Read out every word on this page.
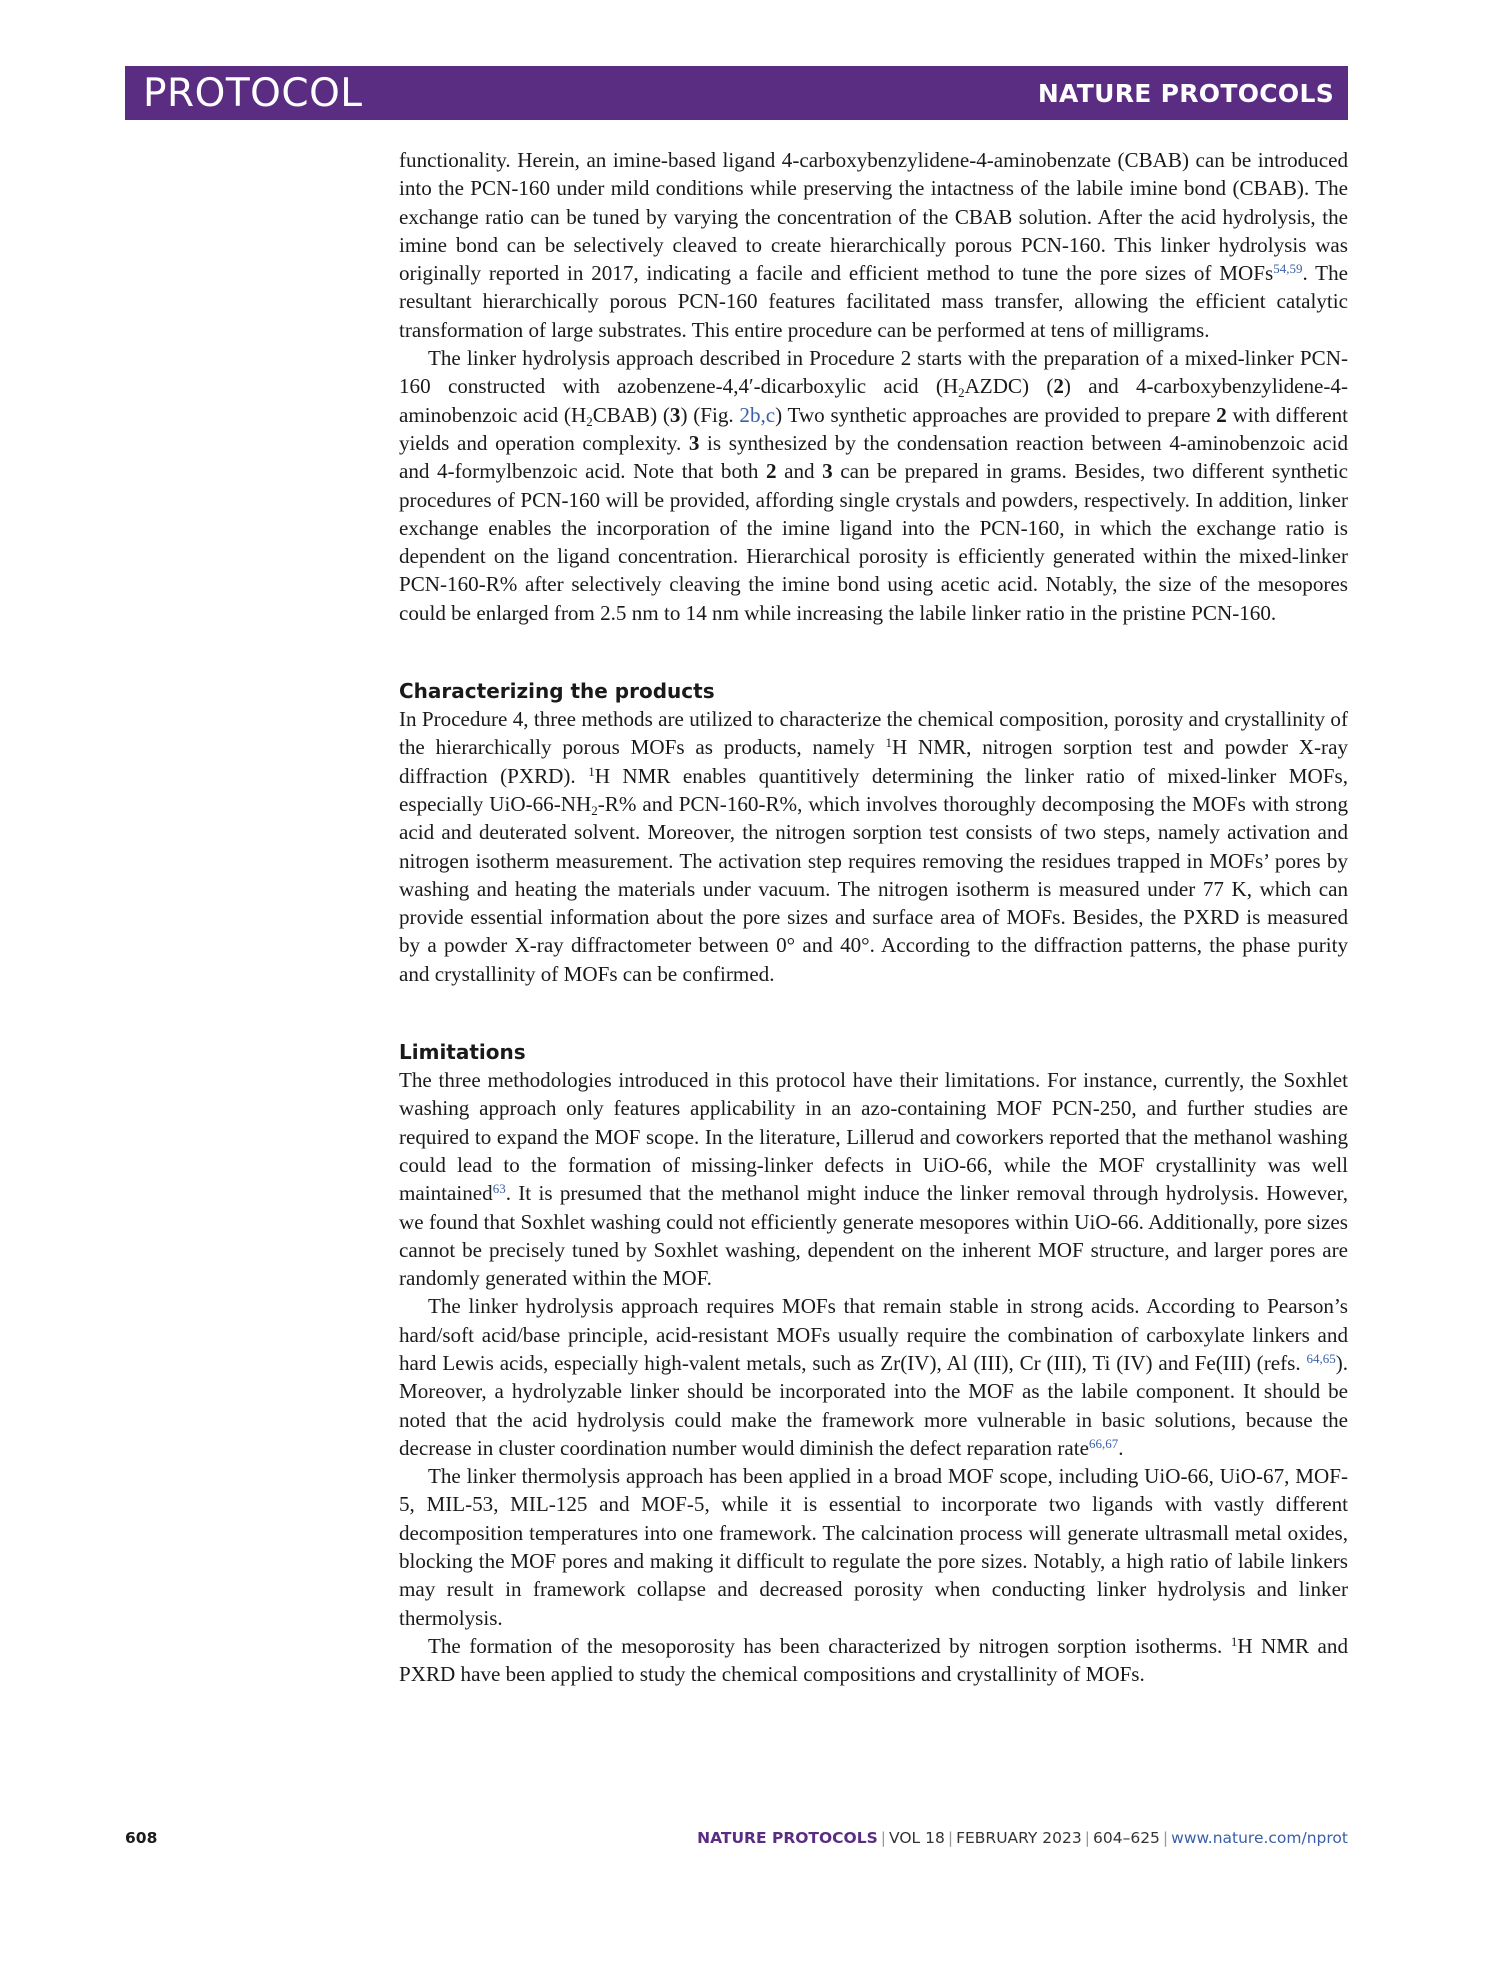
PROTOCOL	NATURE PROTOCOLS

functionality. Herein, an imine-based ligand 4-carboxybenzylidene-4-aminobenzate (CBAB) can be introduced into the PCN-160 under mild conditions while preserving the intactness of the labile imine bond (CBAB). The exchange ratio can be tuned by varying the concentration of the CBAB solution. After the acid hydrolysis, the imine bond can be selectively cleaved to create hierarchically porous PCN-160. This linker hydrolysis was originally reported in 2017, indicating a facile and efficient method to tune the pore sizes of MOFs$^{54,59}$. The resultant hierarchically porous PCN-160 features facilitated mass transfer, allowing the efficient catalytic transformation of large substrates. This entire procedure can be performed at tens of milligrams.

The linker hydrolysis approach described in Procedure 2 starts with the preparation of a mixed-linker PCN-160 constructed with azobenzene-4,4′-dicarboxylic acid $(H_2AZDC)$ (2) and 4-carboxybenzylidene-4-aminobenzoic acid $(H_2CBAB)$ (3) (Fig. 2b,c) Two synthetic approaches are provided to prepare 2 with different yields and operation complexity. 3 is synthesized by the condensation reaction between 4-aminobenzoic acid and 4-formylbenzoic acid. Note that both 2 and 3 can be prepared in grams. Besides, two different synthetic procedures of PCN-160 will be provided, affording single crystals and powders, respectively. In addition, linker exchange enables the incorporation of the imine ligand into the PCN-160, in which the exchange ratio is dependent on the ligand concentration. Hierarchical porosity is efficiently generated within the mixed-linker PCN-160-R% after selectively cleaving the imine bond using acetic acid. Notably, the size of the mesopores could be enlarged from 2.5 nm to 14 nm while increasing the labile linker ratio in the pristine PCN-160.

Characterizing the products

In Procedure 4, three methods are utilized to characterize the chemical composition, porosity and crystallinity of the hierarchically porous MOFs as products, namely $^1$H NMR, nitrogen sorption test and powder X-ray diffraction (PXRD). $^1$H NMR enables quantitively determining the linker ratio of mixed-linker MOFs, especially UiO-$66-NH_2-R\%$ and PCN-160-R%, which involves thoroughly decomposing the MOFs with strong acid and deuterated solvent. Moreover, the nitrogen sorption test consists of two steps, namely activation and nitrogen isotherm measurement. The activation step requires removing the residues trapped in MOFs’ pores by washing and heating the materials under vacuum. The nitrogen isotherm is measured under 77 K, which can provide essential information about the pore sizes and surface area of MOFs. Besides, the PXRD is measured by a powder X-ray diffractometer between 0° and 40°. According to the diffraction patterns, the phase purity and crystallinity of MOFs can be confirmed.

Limitations

The three methodologies introduced in this protocol have their limitations. For instance, currently, the Soxhlet washing approach only features applicability in an azo-containing MOF PCN-250, and further studies are required to expand the MOF scope. In the literature, Lillerud and coworkers reported that the methanol washing could lead to the formation of missing-linker defects in UiO-66, while the MOF crystallinity was well maintained$^{63}$. It is presumed that the methanol might induce the linker removal through hydrolysis. However, we found that Soxhlet washing could not efficiently generate mesopores within UiO-66. Additionally, pore sizes cannot be precisely tuned by Soxhlet washing, dependent on the inherent MOF structure, and larger pores are randomly generated within the MOF.

The linker hydrolysis approach requires MOFs that remain stable in strong acids. According to Pearson’s hard/soft acid/base principle, acid-resistant MOFs usually require the combination of carboxylate linkers and hard Lewis acids, especially high-valent metals, such as Zr(IV), Al (III), Cr (III), Ti (IV) and Fe(III) (refs. $^{64,65}$). Moreover, a hydrolyzable linker should be incorporated into the MOF as the labile component. It should be noted that the acid hydrolysis could make the framework more vulnerable in basic solutions, because the decrease in cluster coordination number would diminish the defect reparation rate$^{66,67}$.

The linker thermolysis approach has been applied in a broad MOF scope, including UiO-66, UiO-67, MOF-5, MIL-53, MIL-125 and MOF-5, while it is essential to incorporate two ligands with vastly different decomposition temperatures into one framework. The calcination process will generate ultrasmall metal oxides, blocking the MOF pores and making it difficult to regulate the pore sizes. Notably, a high ratio of labile linkers may result in framework collapse and decreased porosity when conducting linker hydrolysis and linker thermolysis.

The formation of the mesoporosity has been characterized by nitrogen sorption isotherms. $^1$H NMR and PXRD have been applied to study the chemical compositions and crystallinity of MOFs.

608	NATURE PROTOCOLS | VOL 18 | FEBRUARY 2023 | 604–625 | www.nature.com/nprot
